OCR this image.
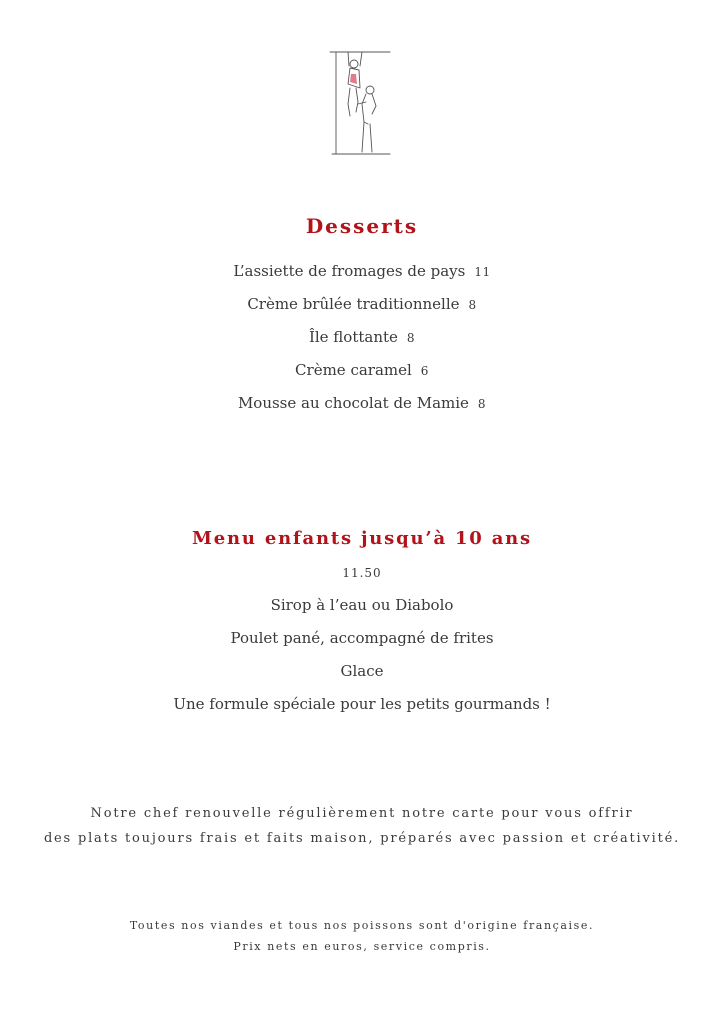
Desserts
L’assiette de fromages de pays 11
Crème brûlée traditionnelle 8
Île flottante 8
Crème caramel 6
Mousse au chocolat de Mamie 8
Menu enfants jusqu’à 10 ans
11.50
Sirop à l’eau ou Diabolo
Poulet pané, accompagné de frites
Glace
Une formule spéciale pour les petits gourmands !
Notre chef renouvelle régulièrement notre carte pour vous offrir
des plats toujours frais et faits maison, préparés avec passion et créativité.
Toutes nos viandes et tous nos poissons sont d'origine française.
Prix nets en euros, service compris.
